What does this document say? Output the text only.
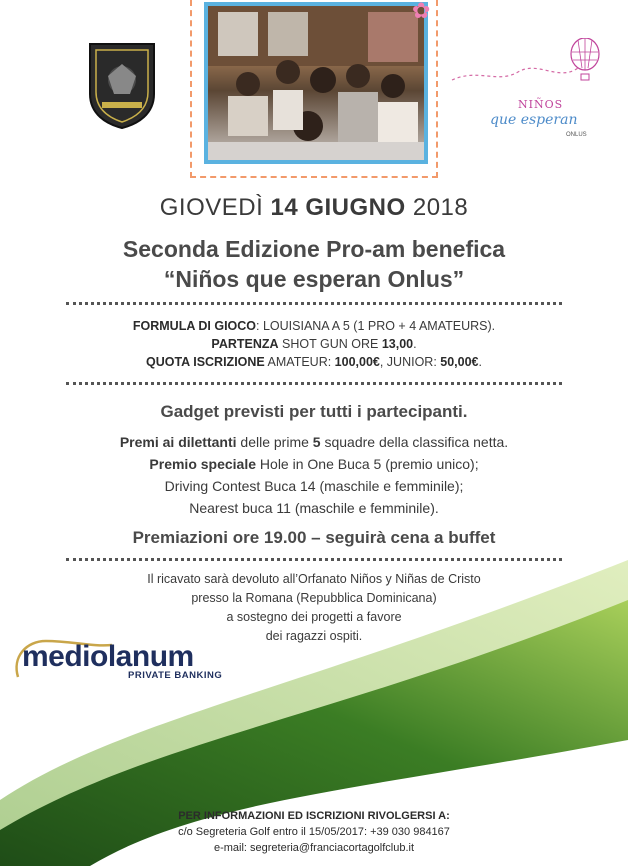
✿
NIÑOS
que esperan
ONLUS
GIOVEDÌ 14 GIUGNO 2018
Seconda Edizione Pro-am benefica
“Niños que esperan Onlus”
FORMULA DI GIOCO: LOUISIANA A 5 (1 PRO + 4 AMATEURS).
PARTENZA SHOT GUN ORE 13,00.
QUOTA ISCRIZIONE AMATEUR: 100,00€, JUNIOR: 50,00€.
Gadget previsti per tutti i partecipanti.
Premi ai dilettanti delle prime 5 squadre della classifica netta.
Premio speciale Hole in One Buca 5 (premio unico);
Driving Contest Buca 14 (maschile e femminile);
Nearest buca 11 (maschile e femminile).
Premiazioni ore 19.00 – seguirà cena a buffet
Il ricavato sarà devoluto all’Orfanato Niños y Niñas de Cristo
presso la Romana (Repubblica Dominicana)
a sostegno dei progetti a favore
dei ragazzi ospiti.
mediolanum
PRIVATE BANKING
PER INFORMAZIONI ED ISCRIZIONI RIVOLGERSI A:
c/o Segreteria Golf entro il 15/05/2017: +39 030 984167
e-mail: segreteria@franciacortagolfclub.it
